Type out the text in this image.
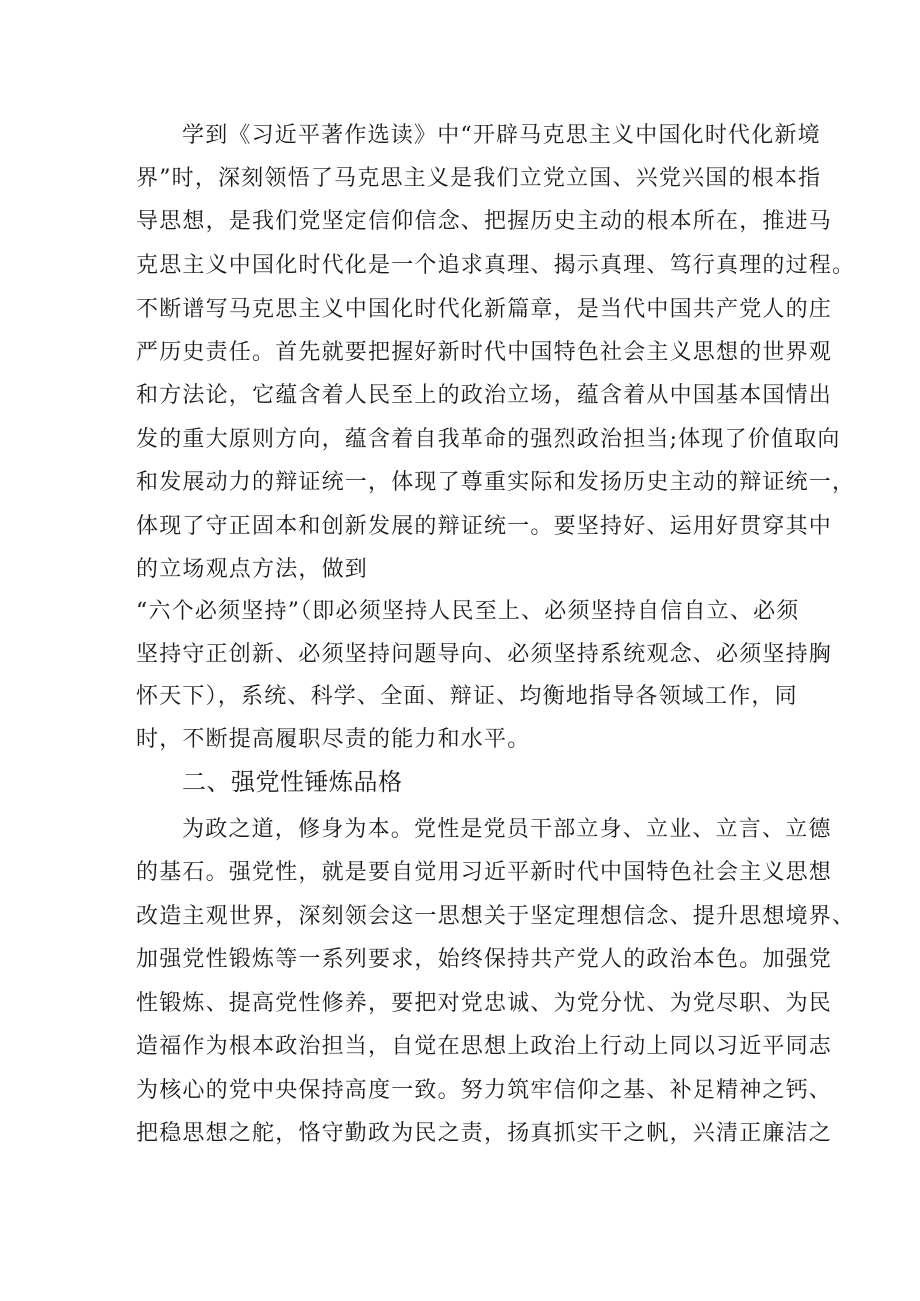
学到《习近平著作选读》中“开辟马克思主义中国化时代化新境
界”时，深刻领悟了马克思主义是我们立党立国、兴党兴国的根本指
导思想，是我们党坚定信仰信念、把握历史主动的根本所在，推进马
克思主义中国化时代化是一个追求真理、揭示真理、笃行真理的过程。
不断谱写马克思主义中国化时代化新篇章，是当代中国共产党人的庄
严历史责任。首先就要把握好新时代中国特色社会主义思想的世界观
和方法论，它蕴含着人民至上的政治立场，蕴含着从中国基本国情出
发的重大原则方向，蕴含着自我革命的强烈政治担当;体现了价值取向
和发展动力的辩证统一，体现了尊重实际和发扬历史主动的辩证统一，
体现了守正固本和创新发展的辩证统一。要坚持好、运用好贯穿其中
的立场观点方法，做到
“六个必须坚持”（即必须坚持人民至上、必须坚持自信自立、必须
坚持守正创新、必须坚持问题导向、必须坚持系统观念、必须坚持胸
怀天下），系统、科学、全面、辩证、均衡地指导各领域工作，同
时，不断提高履职尽责的能力和水平。
二、强党性锤炼品格
为政之道，修身为本。党性是党员干部立身、立业、立言、立德
的基石。强党性，就是要自觉用习近平新时代中国特色社会主义思想
改造主观世界，深刻领会这一思想关于坚定理想信念、提升思想境界、
加强党性锻炼等一系列要求，始终保持共产党人的政治本色。加强党
性锻炼、提高党性修养，要把对党忠诚、为党分忧、为党尽职、为民
造福作为根本政治担当，自觉在思想上政治上行动上同以习近平同志
为核心的党中央保持高度一致。努力筑牢信仰之基、补足精神之钙、
把稳思想之舵，恪守勤政为民之责，扬真抓实干之帆，兴清正廉洁之
